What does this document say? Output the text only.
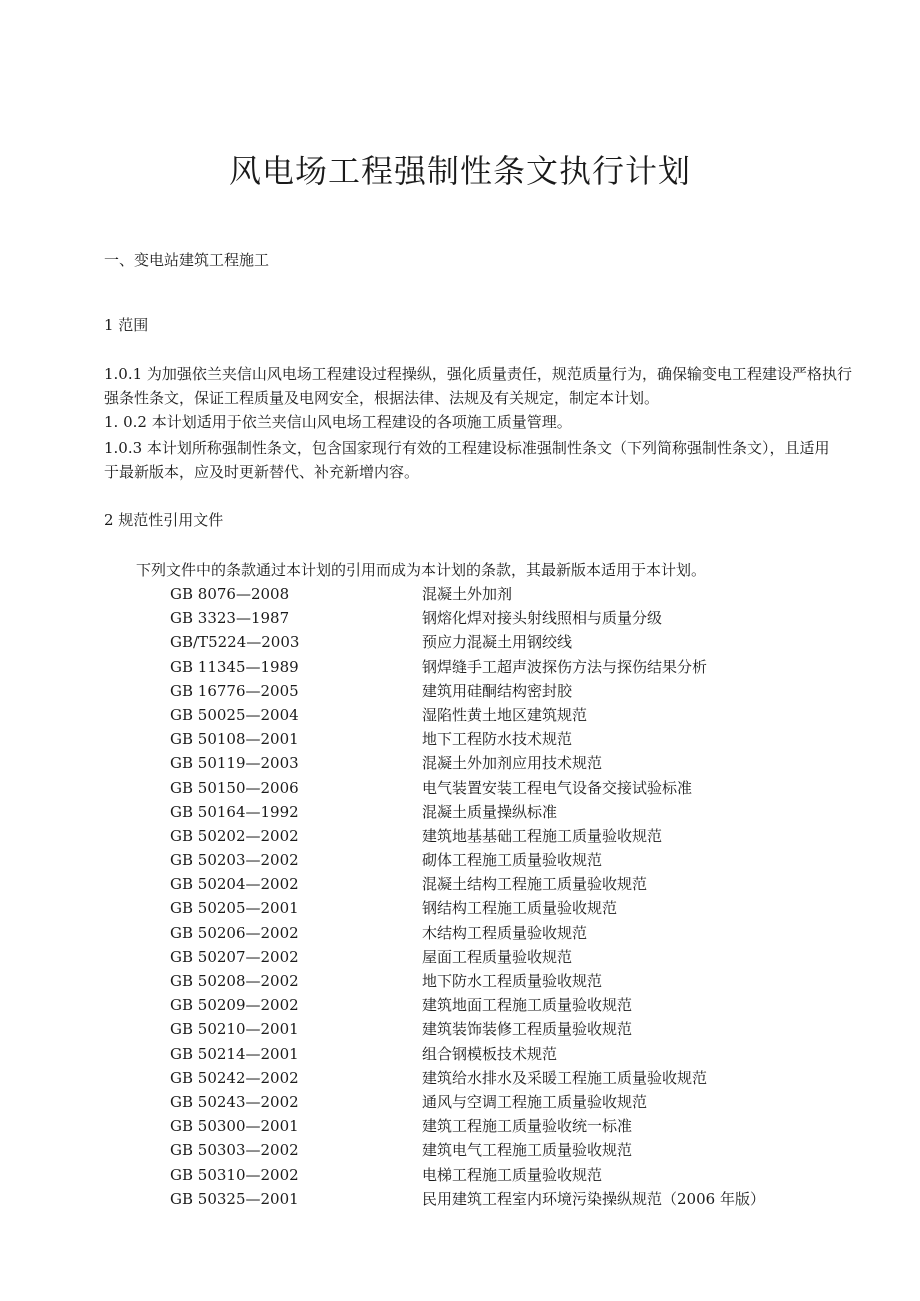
风电场工程强制性条文执行计划
一、变电站建筑工程施工
1 范围
1.0.1 为加强依兰夹信山风电场工程建设过程操纵，强化质量责任，规范质量行为，确保输变电工程建设严格执行强条性条文，保证工程质量及电网安全，根据法律、法规及有关规定，制定本计划。
1. 0.2 本计划适用于依兰夹信山风电场工程建设的各项施工质量管理。
1.0.3 本计划所称强制性条文，包含国家现行有效的工程建设标准强制性条文（下列简称强制性条文），且适用于最新版本，应及时更新替代、补充新增内容。
2 规范性引用文件
下列文件中的条款通过本计划的引用而成为本计划的条款，其最新版本适用于本计划。
GB 8076—2008	混凝土外加剂
GB 3323—1987	钢熔化焊对接头射线照相与质量分级
GB/T5224—2003	预应力混凝土用钢绞线
GB 11345—1989	钢焊缝手工超声波探伤方法与探伤结果分析
GB 16776—2005	建筑用硅酮结构密封胶
GB 50025—2004	湿陷性黄土地区建筑规范
GB 50108—2001	地下工程防水技术规范
GB 50119—2003	混凝土外加剂应用技术规范
GB 50150—2006	电气装置安装工程电气设备交接试验标准
GB 50164—1992	混凝土质量操纵标准
GB 50202—2002	建筑地基基础工程施工质量验收规范
GB 50203—2002	砌体工程施工质量验收规范
GB 50204—2002	混凝土结构工程施工质量验收规范
GB 50205—2001	钢结构工程施工质量验收规范
GB 50206—2002	木结构工程质量验收规范
GB 50207—2002	屋面工程质量验收规范
GB 50208—2002	地下防水工程质量验收规范
GB 50209—2002	建筑地面工程施工质量验收规范
GB 50210—2001	建筑装饰装修工程质量验收规范
GB 50214—2001	组合钢模板技术规范
GB 50242—2002	建筑给水排水及采暖工程施工质量验收规范
GB 50243—2002	通风与空调工程施工质量验收规范
GB 50300—2001	建筑工程施工质量验收统一标准
GB 50303—2002	建筑电气工程施工质量验收规范
GB 50310—2002	电梯工程施工质量验收规范
GB 50325—2001	民用建筑工程室内环境污染操纵规范（2006 年版）
